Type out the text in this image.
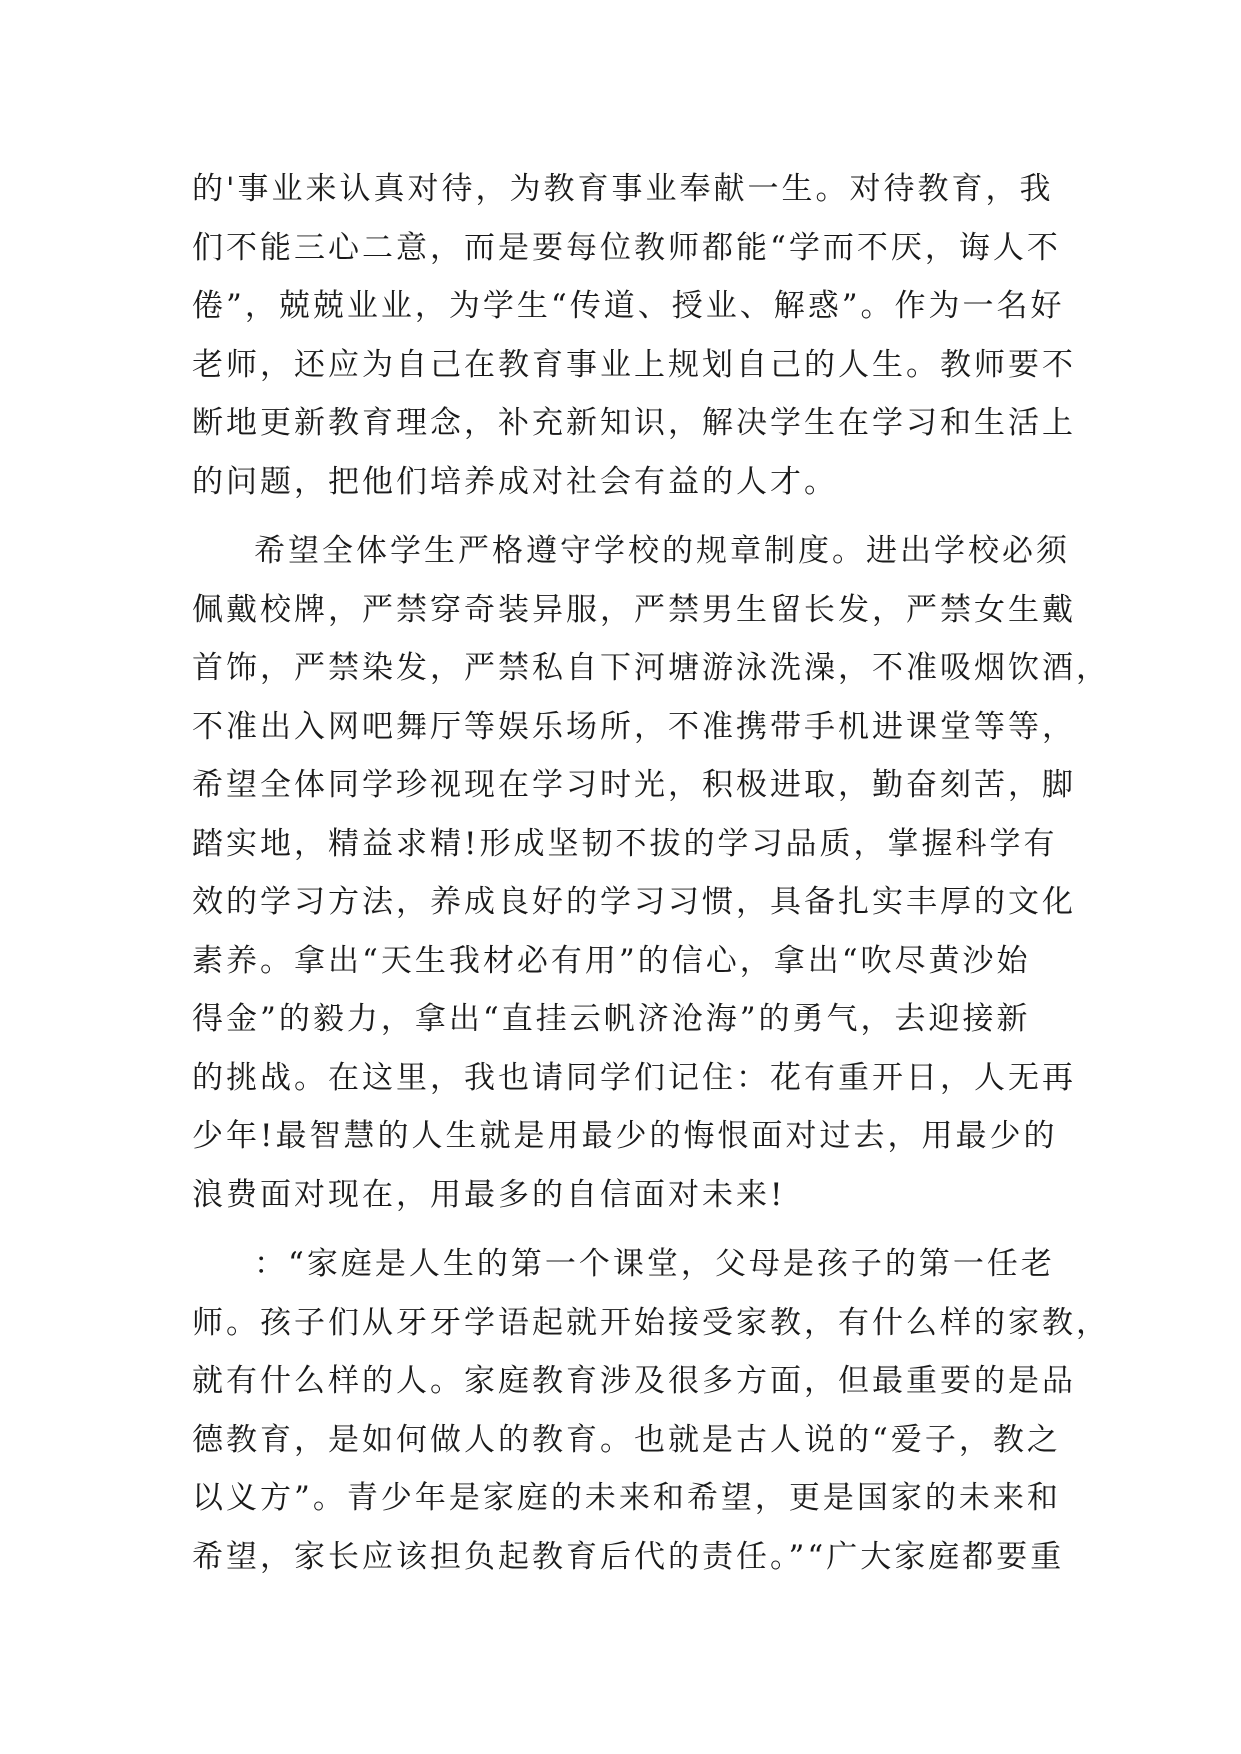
的'事业来认真对待，为教育事业奉献一生。对待教育，我
们不能三心二意，而是要每位教师都能“学而不厌，诲人不
倦”，兢兢业业，为学生“传道、授业、解惑”。作为一名好
老师，还应为自己在教育事业上规划自己的人生。教师要不
断地更新教育理念，补充新知识，解决学生在学习和生活上
的问题，把他们培养成对社会有益的人才。
希望全体学生严格遵守学校的规章制度。进出学校必须
佩戴校牌，严禁穿奇装异服，严禁男生留长发，严禁女生戴
首饰，严禁染发，严禁私自下河塘游泳洗澡，不准吸烟饮酒，
不准出入网吧舞厅等娱乐场所，不准携带手机进课堂等等，
希望全体同学珍视现在学习时光，积极进取，勤奋刻苦，脚
踏实地，精益求精!形成坚韧不拔的学习品质，掌握科学有
效的学习方法，养成良好的学习习惯，具备扎实丰厚的文化
素养。拿出“天生我材必有用”的信心，拿出“吹尽黄沙始
得金”的毅力，拿出“直挂云帆济沧海”的勇气，去迎接新
的挑战。在这里，我也请同学们记住：花有重开日，人无再
少年!最智慧的人生就是用最少的悔恨面对过去，用最少的
浪费面对现在，用最多的自信面对未来!
：“家庭是人生的第一个课堂，父母是孩子的第一任老
师。孩子们从牙牙学语起就开始接受家教，有什么样的家教，
就有什么样的人。家庭教育涉及很多方面，但最重要的是品
德教育，是如何做人的教育。也就是古人说的“爱子，教之
以义方”。青少年是家庭的未来和希望，更是国家的未来和
希望，家长应该担负起教育后代的责任。”“广大家庭都要重
